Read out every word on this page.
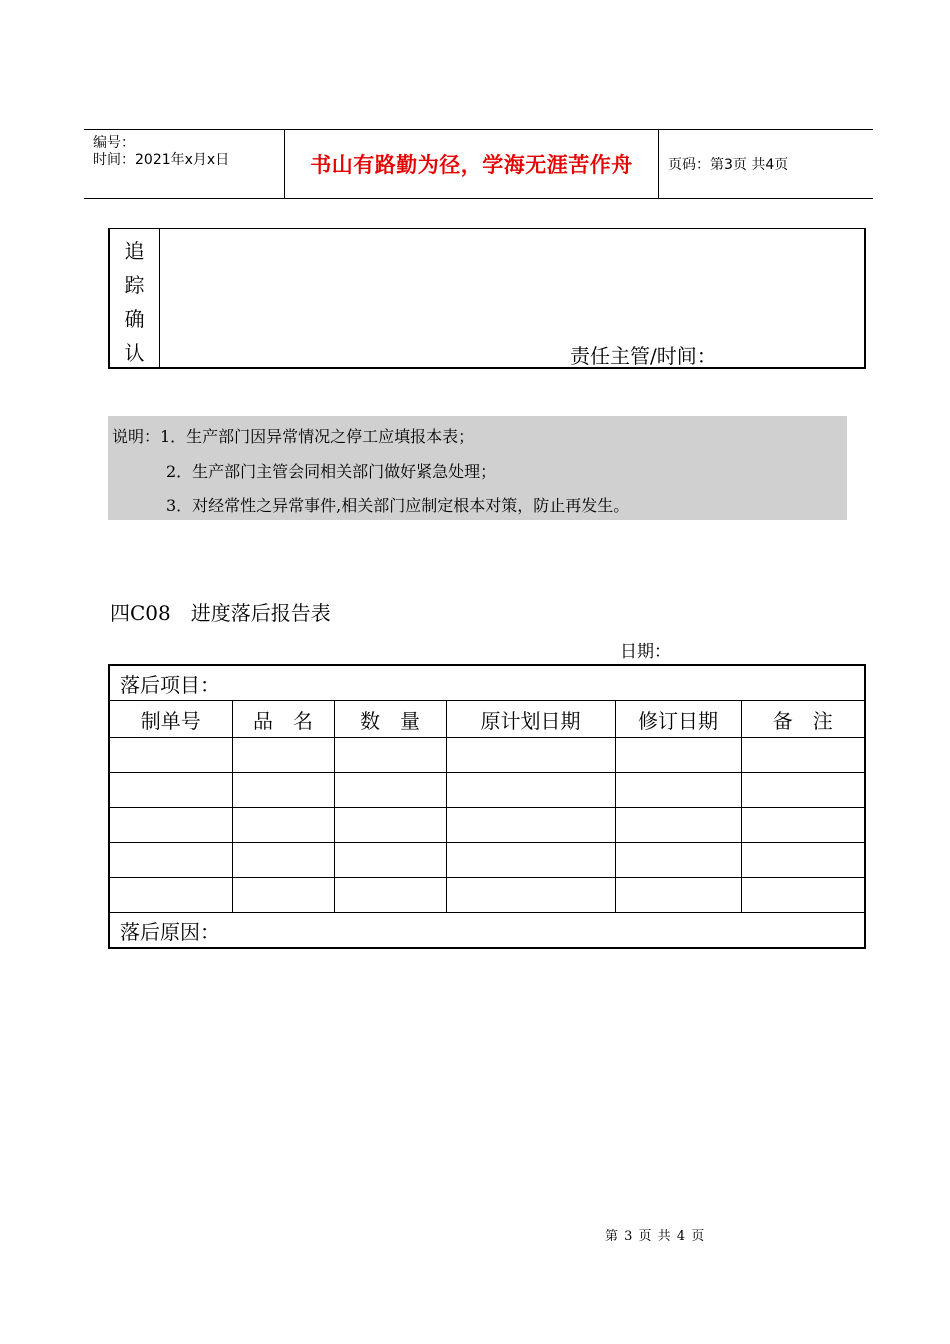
编号：
时间：2021年x月x日	书山有路勤为径，学海无涯苦作舟	页码：第3页 共4页
追
踪
确
认	责任主管/时间：
说明：1．生产部门因异常情况之停工应填报本表；
2．生产部门主管会同相关部门做好紧急处理；
3．对经常性之异常事件,相关部门应制定根本对策，防止再发生。
四C08　进度落后报告表
日期：
落后项目：					
制单号	品　名	数　量	原计划日期	修订日期	备　注

落后原因：					
第 3 页 共 4 页
